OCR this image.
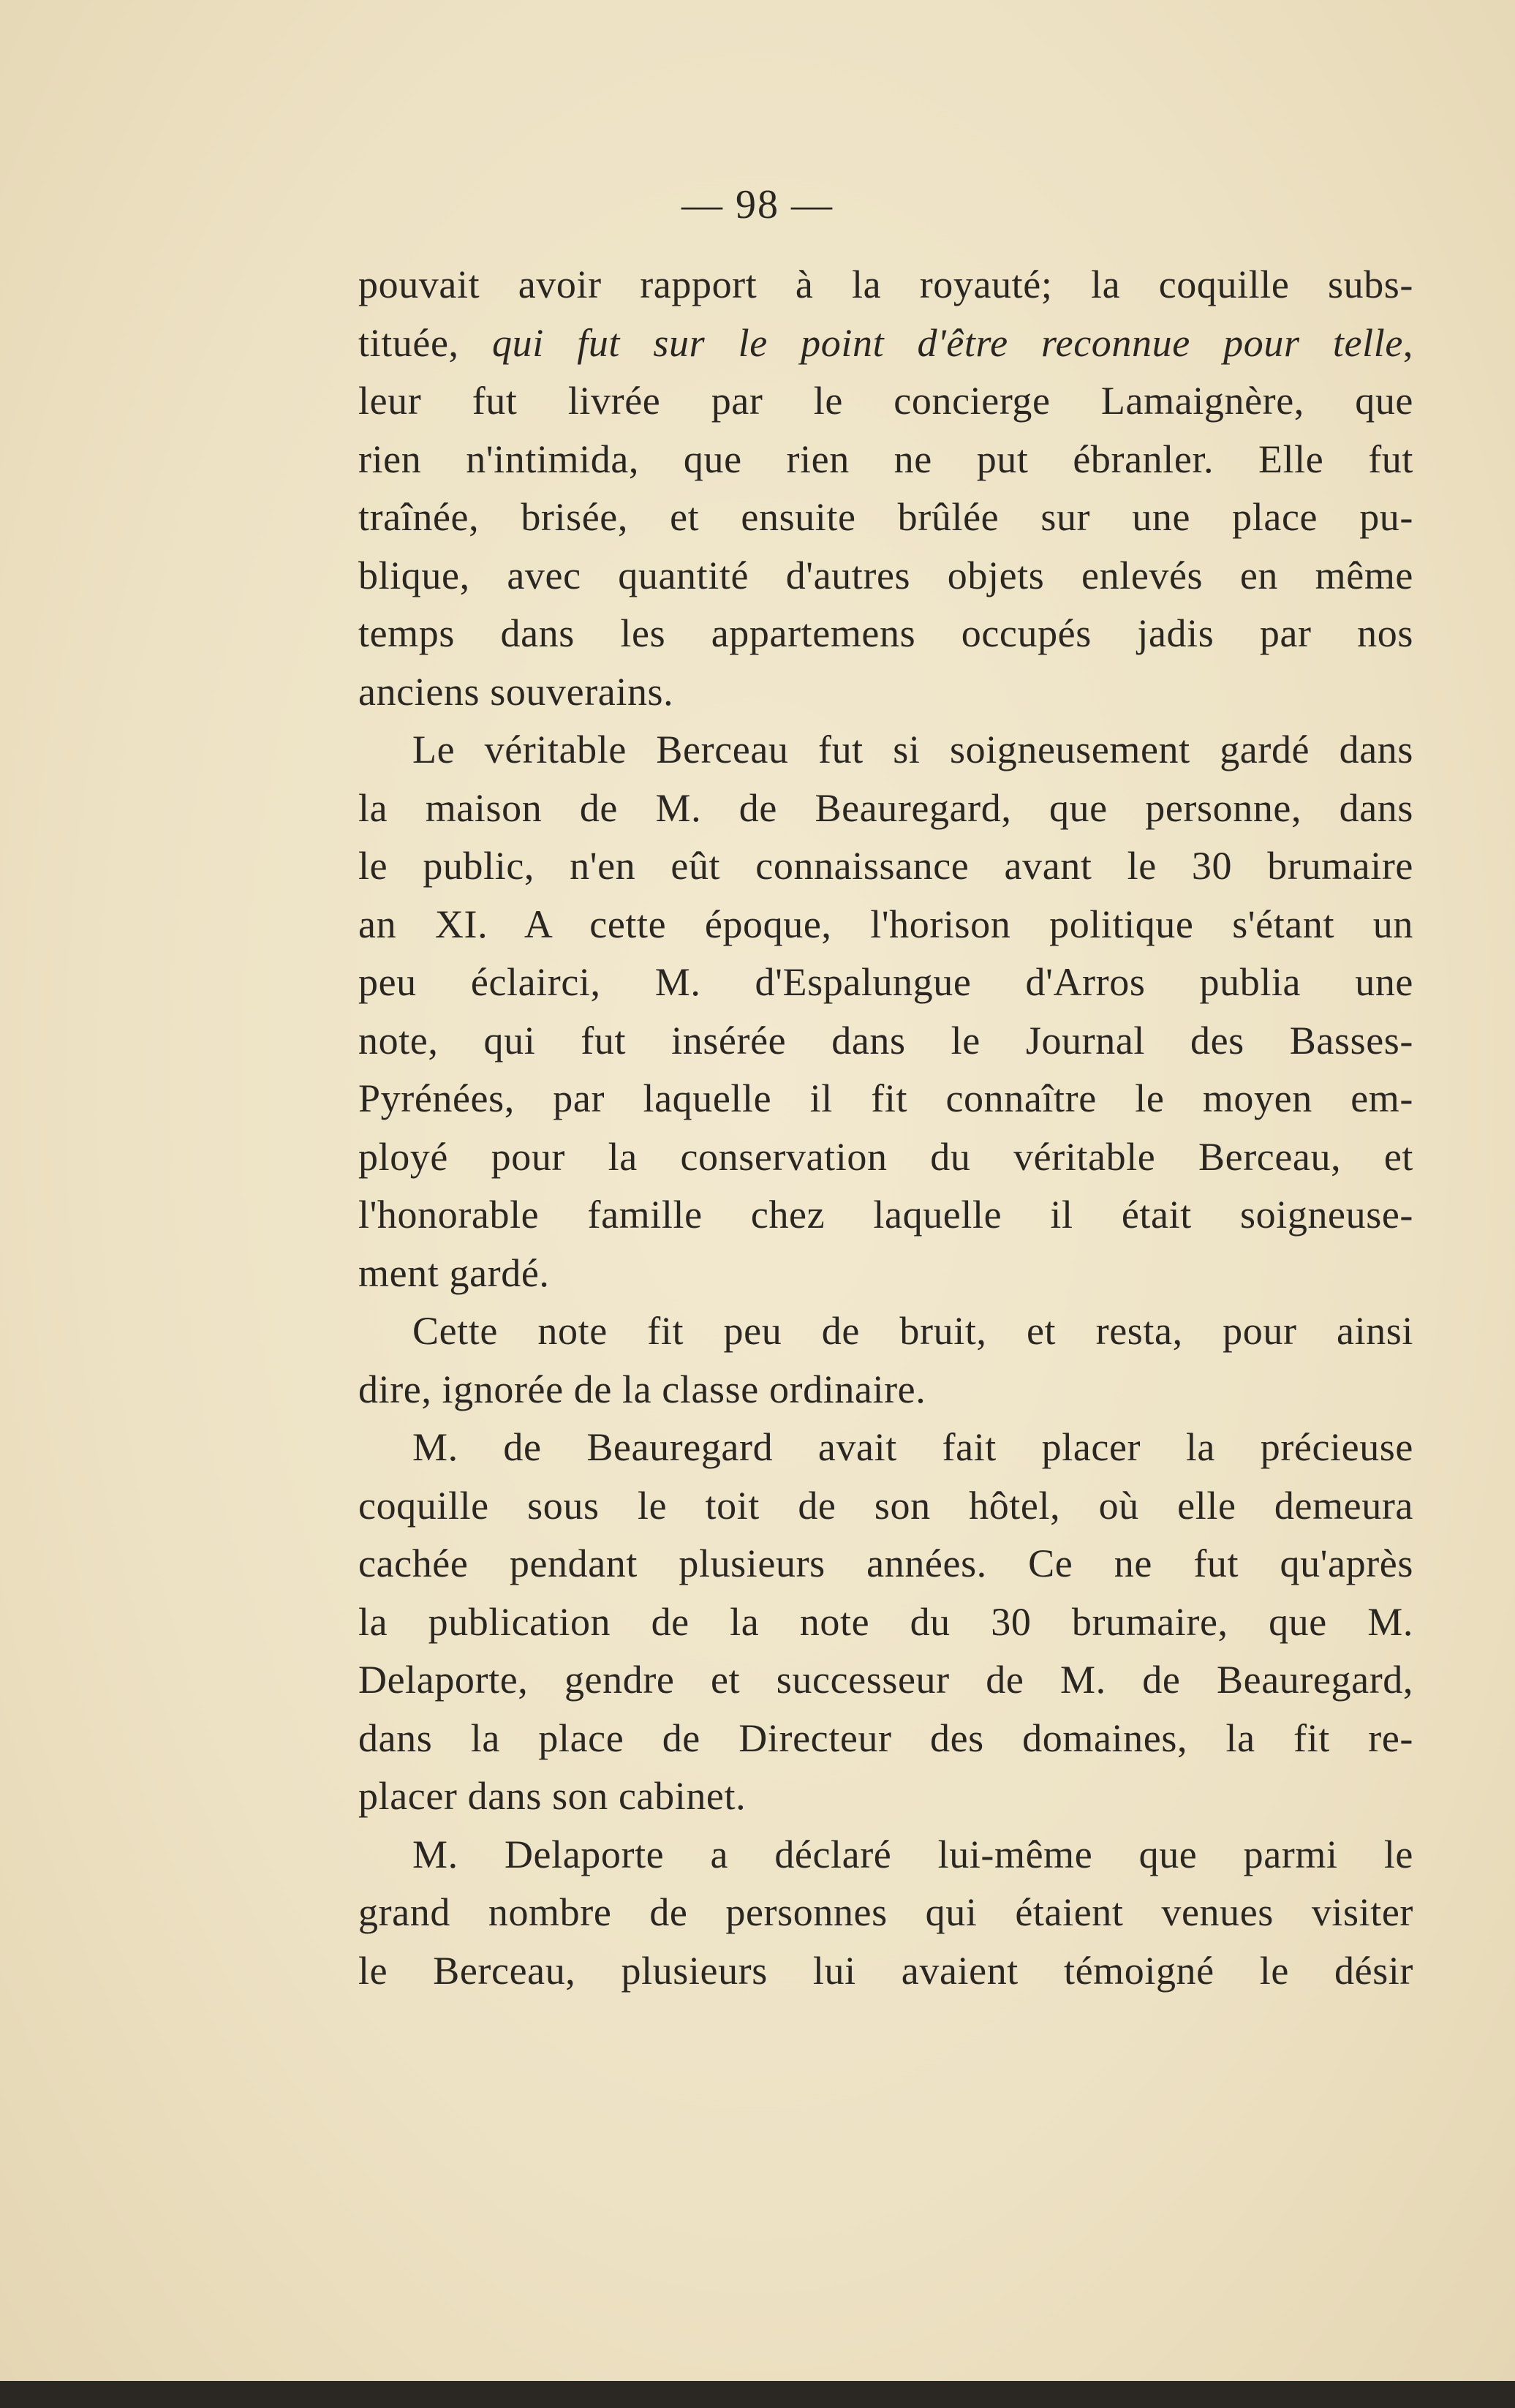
— 98 —
pouvait avoir rapport à la royauté; la coquille subs-
tituée, qui fut sur le point d'être reconnue pour telle,
leur fut livrée par le concierge Lamaignère, que
rien n'intimida, que rien ne put ébranler. Elle fut
traînée, brisée, et ensuite brûlée sur une place pu-
blique, avec quantité d'autres objets enlevés en même
temps dans les appartemens occupés jadis par nos
anciens souverains.
Le véritable Berceau fut si soigneusement gardé dans
la maison de M. de Beauregard, que personne, dans
le public, n'en eût connaissance avant le 30 brumaire
an XI. A cette époque, l'horison politique s'étant un
peu éclairci, M. d'Espalungue d'Arros publia une
note, qui fut insérée dans le Journal des Basses-
Pyrénées, par laquelle il fit connaître le moyen em-
ployé pour la conservation du véritable Berceau, et
l'honorable famille chez laquelle il était soigneuse-
ment gardé.
Cette note fit peu de bruit, et resta, pour ainsi
dire, ignorée de la classe ordinaire.
M. de Beauregard avait fait placer la précieuse
coquille sous le toit de son hôtel, où elle demeura
cachée pendant plusieurs années. Ce ne fut qu'après
la publication de la note du 30 brumaire, que M.
Delaporte, gendre et successeur de M. de Beauregard,
dans la place de Directeur des domaines, la fit re-
placer dans son cabinet.
M. Delaporte a déclaré lui-même que parmi le
grand nombre de personnes qui étaient venues visiter
le Berceau, plusieurs lui avaient témoigné le désir
